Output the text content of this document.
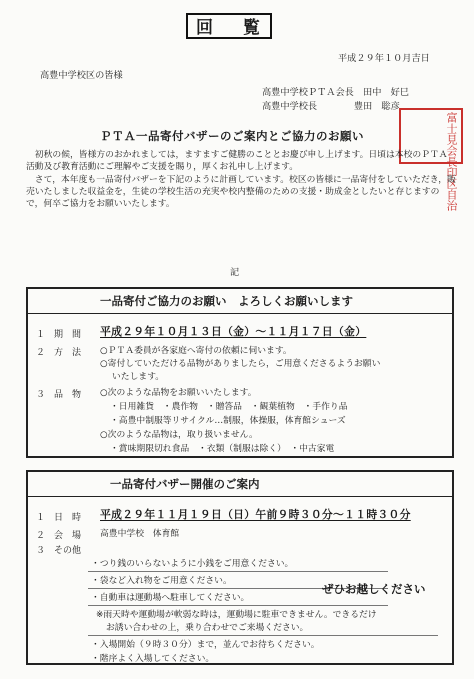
回 覧
平成２９年１０月吉日
高豊中学校区の皆様
高豊中学校ＰＴＡ会長　田中　好巳
高豊中学校長　　　　豊田　聡彦
富士見会長印区自治
ＰＴＡ一品寄付バザーのご案内とご協力のお願い

初秋の候，皆様方のおかれましては，ますますご健勝のこととお慶び申し上げます。日頃は本校のＰＴＡ活動及び教育活動にご理解やご支援を賜り，厚くお礼申し上げます。

さて，本年度も一品寄付バザーを下記のように計画しています。校区の皆様に一品寄付をしていただき，販売いたしました収益金を，生徒の学校生活の充実や校内整備のための支援・助成金としたいと存じますので，何卒ご協力をお願いいたします。

記
一品寄付ご協力のお願い　よろしくお願いします
１　期　間 平成２９年１０月１３日（金）～１１月１７日（金）
２　方　法 ○ＰＴＡ委員が各家庭へ寄付の依頼に伺います。
○寄付していただける品物がありましたら，ご用意くださるようお願い
いたします。
３　品　物 ○次のような品物をお願いいたします。
・日用雑貨　・農作物　・贈答品　・観葉植物　・手作り品
・高豊中制服等リサイクル…制服，体操服，体育館シューズ
○次のような品物は，取り扱いません。
・賞味期限切れ食品　・衣類（制服は除く）　・中古家電
一品寄付バザー開催のご案内
１　日　時 平成２９年１１月１９日（日）午前９時３０分～１１時３０分
２　会　場 高豊中学校　体育館
３　その他
・つり銭のいらないように小銭をご用意ください。
・袋など入れ物をご用意ください。
・自動車は運動場へ駐車してください。
ぜひお越しください
※雨天時や運動場が軟弱な時は，運動場に駐車できません。できるだけ
お誘い合わせの上，乗り合わせでご来場ください。
・入場開始（９時３０分）まで，並んでお待ちください。
・階序よく入場してください。
